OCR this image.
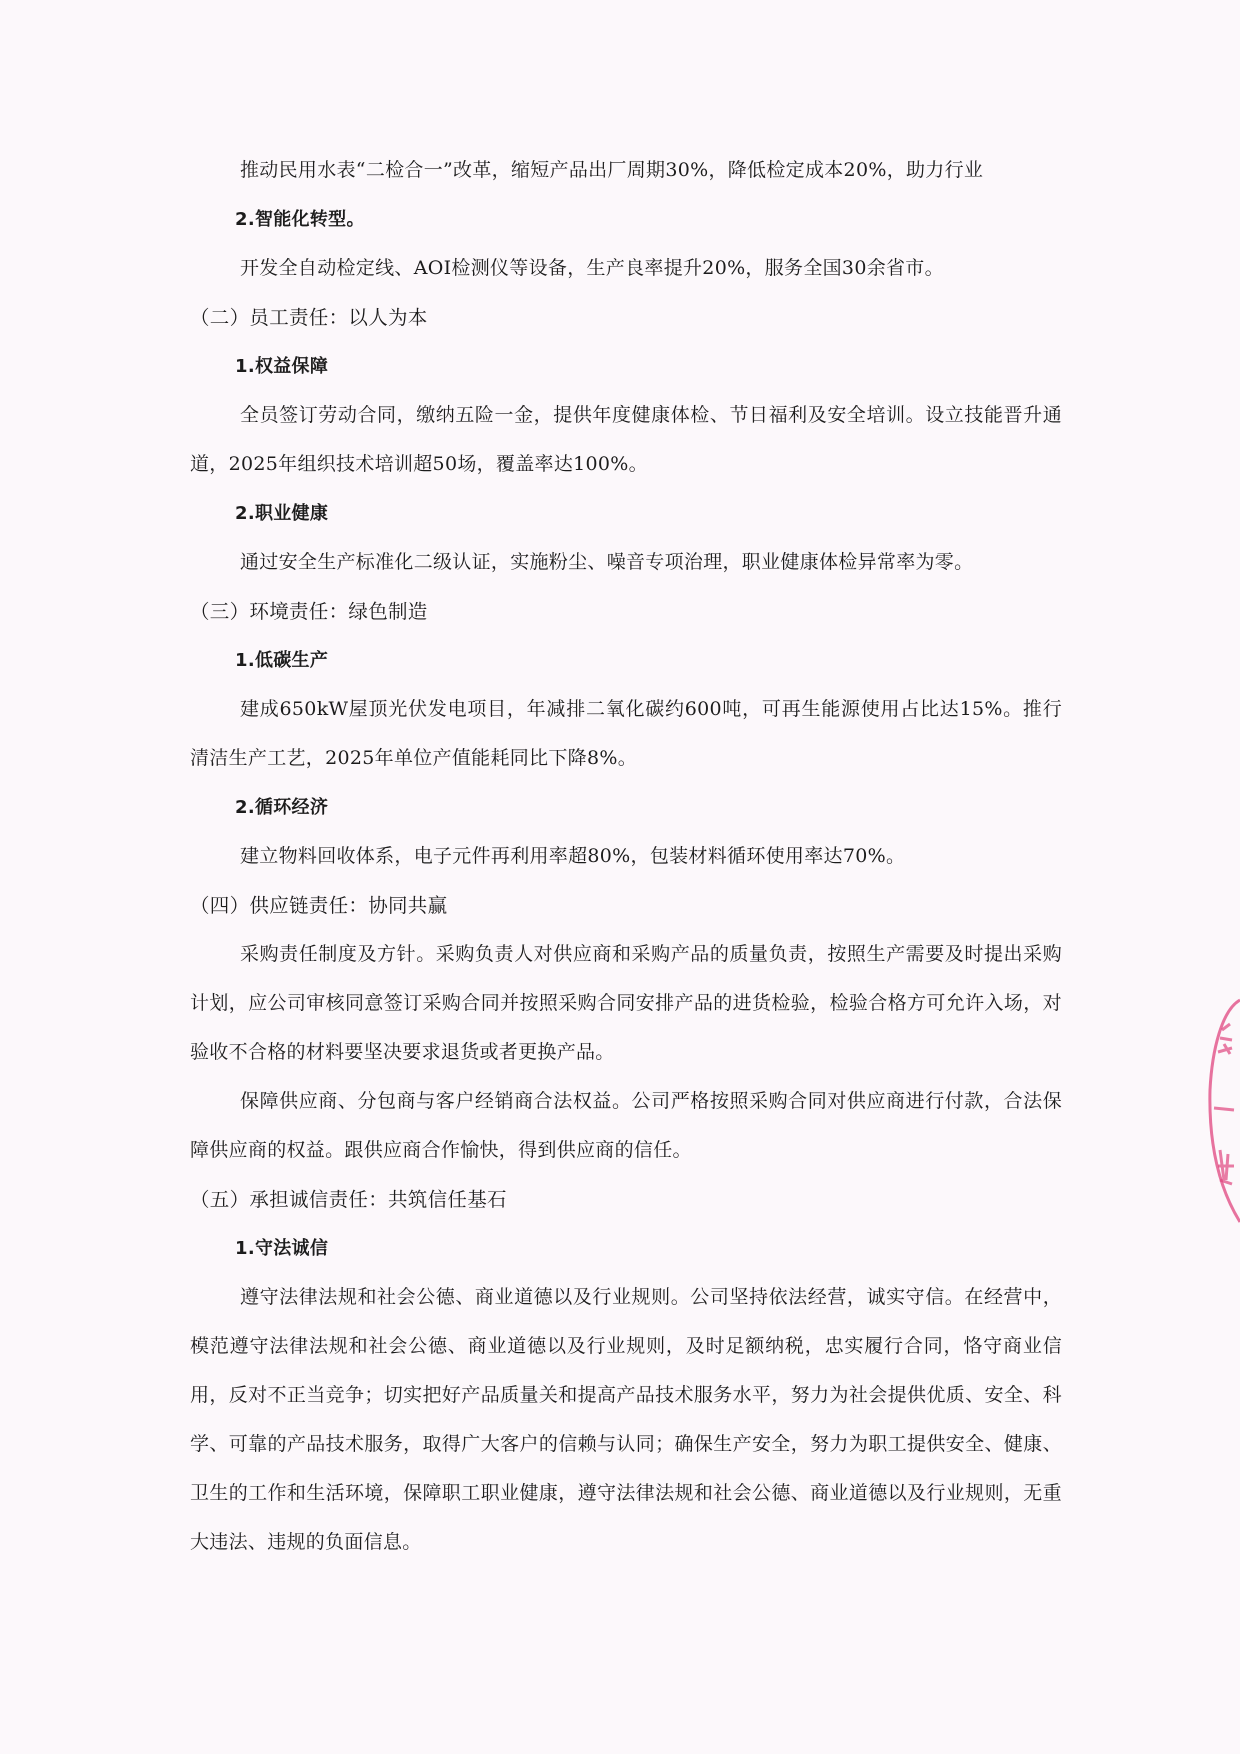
推动民用水表“二检合一”改革，缩短产品出厂周期30%，降低检定成本20%，助力行业

2.智能化转型。

开发全自动检定线、AOI检测仪等设备，生产良率提升20%，服务全国30余省市。

（二）员工责任：以人为本

1.权益保障

全员签订劳动合同，缴纳五险一金，提供年度健康体检、节日福利及安全培训。设立技能晋升通道，2025年组织技术培训超50场，覆盖率达100%。

2.职业健康

通过安全生产标准化二级认证，实施粉尘、噪音专项治理，职业健康体检异常率为零。

（三）环境责任：绿色制造

1.低碳生产

建成650kW屋顶光伏发电项目，年减排二氧化碳约600吨，可再生能源使用占比达15%。推行清洁生产工艺，2025年单位产值能耗同比下降8%。

2.循环经济

建立物料回收体系，电子元件再利用率超80%，包装材料循环使用率达70%。

（四）供应链责任：协同共赢

采购责任制度及方针。采购负责人对供应商和采购产品的质量负责，按照生产需要及时提出采购计划，应公司审核同意签订采购合同并按照采购合同安排产品的进货检验，检验合格方可允许入场，对验收不合格的材料要坚决要求退货或者更换产品。

保障供应商、分包商与客户经销商合法权益。公司严格按照采购合同对供应商进行付款，合法保障供应商的权益。跟供应商合作愉快，得到供应商的信任。

（五）承担诚信责任：共筑信任基石

1.守法诚信

遵守法律法规和社会公德、商业道德以及行业规则。公司坚持依法经营，诚实守信。在经营中，模范遵守法律法规和社会公德、商业道德以及行业规则，及时足额纳税，忠实履行合同，恪守商业信用，反对不正当竞争；切实把好产品质量关和提高产品技术服务水平，努力为社会提供优质、安全、科学、可靠的产品技术服务，取得广大客户的信赖与认同；确保生产安全，努力为职工提供安全、健康、卫生的工作和生活环境，保障职工职业健康，遵守法律法规和社会公德、商业道德以及行业规则，无重大违法、违规的负面信息。
